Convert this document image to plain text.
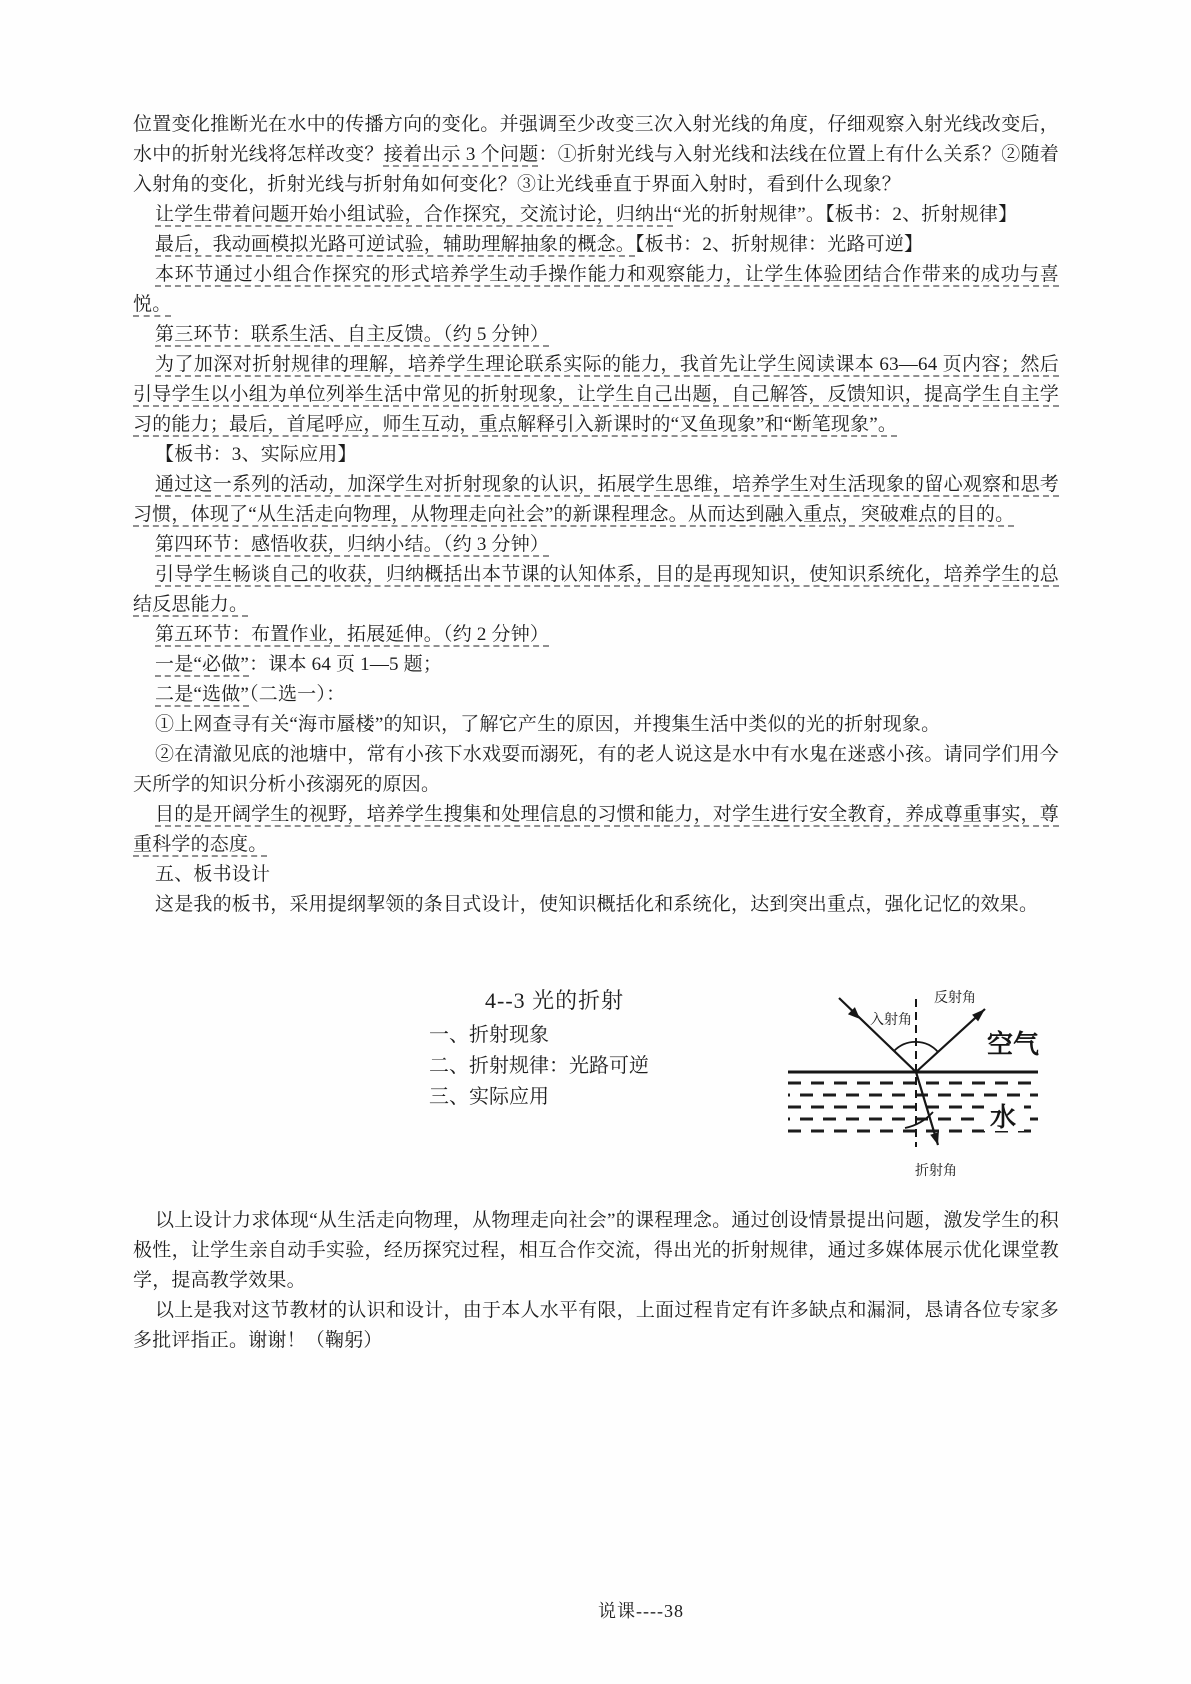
位置变化推断光在水中的传播方向的变化。并强调至少改变三次入射光线的角度，仔细观察入射光线改变后，水中的折射光线将怎样改变？接着出示 3 个问题：①折射光线与入射光线和法线在位置上有什么关系？②随着入射角的变化，折射光线与折射角如何变化？③让光线垂直于界面入射时，看到什么现象？

让学生带着问题开始小组试验，合作探究，交流讨论，归纳出“光的折射规律”。【板书：2、折射规律】

最后，我动画模拟光路可逆试验，辅助理解抽象的概念。【板书：2、折射规律：光路可逆】

本环节通过小组合作探究的形式培养学生动手操作能力和观察能力，让学生体验团结合作带来的成功与喜悦。

第三环节：联系生活、自主反馈。（约 5 分钟）

为了加深对折射规律的理解，培养学生理论联系实际的能力，我首先让学生阅读课本 63—64 页内容；然后引导学生以小组为单位列举生活中常见的折射现象，让学生自己出题，自己解答，反馈知识，提高学生自主学习的能力；最后，首尾呼应，师生互动，重点解释引入新课时的“叉鱼现象”和“断笔现象”。

【板书：3、实际应用】

通过这一系列的活动，加深学生对折射现象的认识，拓展学生思维，培养学生对生活现象的留心观察和思考习惯，体现了“从生活走向物理，从物理走向社会”的新课程理念。从而达到融入重点，突破难点的目的。

第四环节：感悟收获，归纳小结。（约 3 分钟）

引导学生畅谈自己的收获，归纳概括出本节课的认知体系，目的是再现知识，使知识系统化，培养学生的总结反思能力。

第五环节：布置作业，拓展延伸。（约 2 分钟）

一是“必做”：课本 64 页 1—5 题；

二是“选做”（二选一）：

①上网查寻有关“海市蜃楼”的知识，了解它产生的原因，并搜集生活中类似的光的折射现象。

②在清澈见底的池塘中，常有小孩下水戏耍而溺死，有的老人说这是水中有水鬼在迷惑小孩。请同学们用今天所学的知识分析小孩溺死的原因。

目的是开阔学生的视野，培养学生搜集和处理信息的习惯和能力，对学生进行安全教育，养成尊重事实，尊重科学的态度。

五、板书设计

这是我的板书，采用提纲挈领的条目式设计，使知识概括化和系统化，达到突出重点，强化记忆的效果。

4--3 光的折射
一、折射现象
二、折射规律：光路可逆
三、实际应用
反射角
入射角
空气
水
折射角

以上设计力求体现“从生活走向物理，从物理走向社会”的课程理念。通过创设情景提出问题，激发学生的积极性，让学生亲自动手实验，经历探究过程，相互合作交流，得出光的折射规律，通过多媒体展示优化课堂教学，提高教学效果。

以上是我对这节教材的认识和设计，由于本人水平有限，上面过程肯定有许多缺点和漏洞，恳请各位专家多多批评指正。谢谢！（鞠躬）

说课----38
